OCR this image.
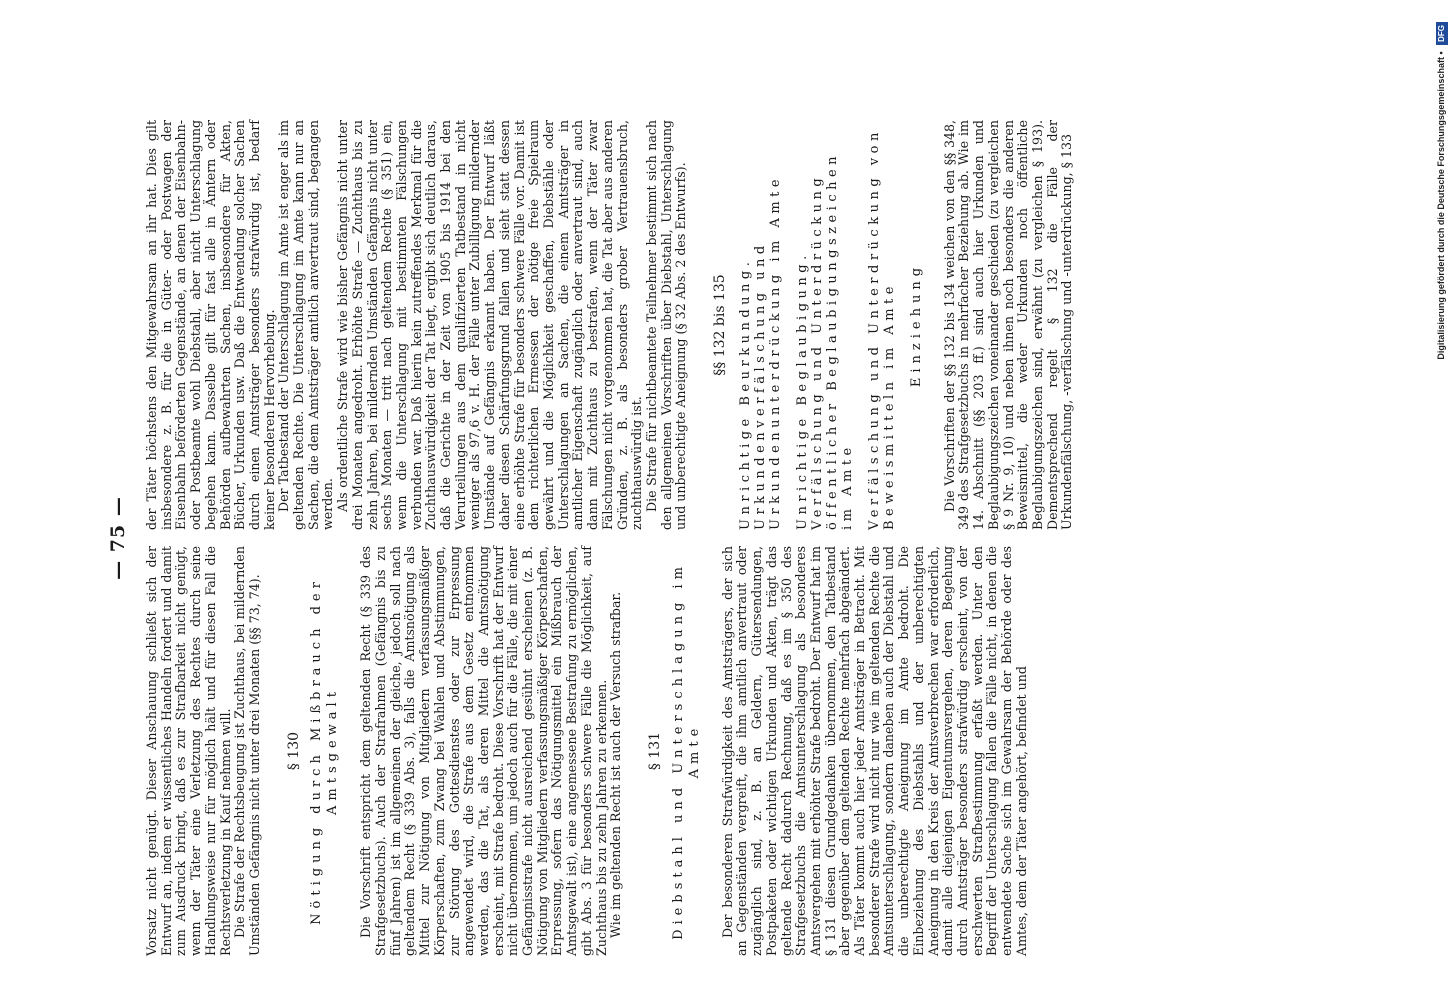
— 75 —

Vorsatz nicht genügt. Dieser Anschauung schließt sich der Entwurf an, indem er wissentliches Handeln fordert und damit zum Ausdruck bringt, daß es zur Strafbarkeit nicht genügt, wenn der Täter eine Verletzung des Rechtes durch seine Handlungsweise nur für möglich hält und für diesen Fall die Rechtsverletzung in Kauf nehmen will. Die Strafe der Rechtsbeugung ist Zuchthaus, bei mildernden Umständen Gefängnis nicht unter drei Monaten (§§ 73, 74). § 130 Nötigung durch Mißbrauch der Amtsgewalt Die Vorschrift entspricht dem geltenden Recht (§ 339 des Strafgesetzbuchs). Auch der Strafrahmen (Gefängnis bis zu fünf Jahren) ist im allgemeinen der gleiche, jedoch soll nach geltendem Recht (§ 339 Abs. 3), falls die Amtsnötigung als Mittel zur Nötigung von Mitgliedern verfassungsmäßiger Körperschaften, zum Zwang bei Wahlen und Abstimmungen, zur Störung des Gottesdienstes oder zur Erpressung angewendet wird, die Strafe aus dem Gesetz entnommen werden, das die Tat, als deren Mittel die Amtsnötigung erscheint, mit Strafe bedroht. Diese Vorschrift hat der Entwurf nicht übernommen, um jedoch auch für die Fälle, die mit einer Gefängnisstrafe nicht ausreichend gesühnt erscheinen (z. B. Nötigung von Mitgliedern verfassungsmäßiger Körperschaften, Erpressung, sofern das Nötigungsmittel ein Mißbrauch der Amtsgewalt ist), eine angemessene Bestrafung zu ermöglichen, gibt Abs. 3 für besonders schwere Fälle die Möglichkeit, auf Zuchthaus bis zu zehn Jahren zu erkennen. Wie im geltenden Recht ist auch der Versuch strafbar. § 131 Diebstahl und Unterschlagung im Amte Der besonderen Strafwürdigkeit des Amtsträgers, der sich an Gegenständen vergreift, die ihm amtlich anvertraut oder zugänglich sind, z. B. an Geldern, Gütersendungen, Postpaketen oder wichtigen Urkunden und Akten, trägt das geltende Recht dadurch Rechnung, daß es im § 350 des Strafgesetzbuchs die Amtsunterschlagung als besonderes Amtsvergehen mit erhöhter Strafe bedroht. Der Entwurf hat im § 131 diesen Grundgedanken übernommen, den Tatbestand aber gegenüber dem geltenden Rechte mehrfach abgeändert. Als Täter kommt auch hier jeder Amtsträger in Betracht. Mit besonderer Strafe wird nicht nur wie im geltenden Rechte die Amtsunterschlagung, sondern daneben auch der Diebstahl und die unberechtigte Aneignung im Amte bedroht. Die Einbeziehung des Diebstahls und der unberechtigten Aneignung in den Kreis der Amtsverbrechen war erforderlich, damit alle diejenigen Eigentumsvergehen, deren Begehung durch Amtsträger besonders strafwürdig erscheint, von der erschwerten Strafbestimmung erfaßt werden. Unter den Begriff der Unterschlagung fallen die Fälle nicht, in denen die entwendete Sache sich im Gewahrsam der Behörde oder des Amtes, dem der Täter angehört, befindet und

der Täter höchstens den Mitgewahrsam an ihr hat. Dies gilt insbesondere z. B. für die in Güter- oder Postwagen der Eisenbahn beförderten Gegenstände, an denen der Eisenbahn- oder Postbeamte wohl Diebstahl, aber nicht Unterschlagung begehen kann. Dasselbe gilt für fast alle in Ämtern oder Behörden aufbewahrten Sachen, insbesondere für Akten, Bücher, Urkunden usw. Daß die Entwendung solcher Sachen durch einen Amtsträger besonders strafwürdig ist, bedarf keiner besonderen Hervorhebung. Der Tatbestand der Unterschlagung im Amte ist enger als im geltenden Rechte. Die Unterschlagung im Amte kann nur an Sachen, die dem Amtsträger amtlich anvertraut sind, begangen werden. Als ordentliche Strafe wird wie bisher Gefängnis nicht unter drei Monaten angedroht. Erhöhte Strafe — Zuchthaus bis zu zehn Jahren, bei mildernden Umständen Gefängnis nicht unter sechs Monaten — tritt nach geltendem Rechte (§ 351) ein, wenn die Unterschlagung mit bestimmten Fälschungen verbunden war. Daß hierin kein zutreffendes Merkmal für die Zuchthauswürdigkeit der Tat liegt, ergibt sich deutlich daraus, daß die Gerichte in der Zeit von 1905 bis 1914 bei den Verurteilungen aus dem qualifizierten Tatbestand in nicht weniger als 97,6 v. H. der Fälle unter Zubilligung mildernder Umstände auf Gefängnis erkannt haben. Der Entwurf läßt daher diesen Schärfungsgrund fallen und sieht statt dessen eine erhöhte Strafe für besonders schwere Fälle vor. Damit ist dem richterlichen Ermessen der nötige freie Spielraum gewährt und die Möglichkeit geschaffen, Diebstähle oder Unterschlagungen an Sachen, die einem Amtsträger in amtlicher Eigenschaft zugänglich oder anvertraut sind, auch dann mit Zuchthaus zu bestrafen, wenn der Täter zwar Fälschungen nicht vorgenommen hat, die Tat aber aus anderen Gründen, z. B. als besonders grober Vertrauensbruch, zuchthauswürdig ist. Die Strafe für nichtbeamtete Teilnehmer bestimmt sich nach den allgemeinen Vorschriften über Diebstahl, Unterschlagung und unberechtigte Aneignung (§ 32 Abs. 2 des Entwurfs). §§ 132 bis 135 Unrichtige Beurkundung. Urkundenverfälschung und Urkundenunterdrückung im Amte Unrichtige Beglaubigung. Verfälschung und Unterdrückung öffentlicher Beglaubigungszeichen im Amte Verfälschung und Unterdrückung von Beweismitteln im Amte Einziehung Die Vorschriften der §§ 132 bis 134 weichen von den §§ 348, 349 des Strafgesetzbuchs in mehrfacher Beziehung ab. Wie im 14. Abschnitt (§§ 203 ff.) sind auch hier Urkunden und Beglaubigungszeichen voneinander geschieden (zu vergleichen § 9 Nr. 9, 10) und neben ihnen noch besonders die anderen Beweismittel, die weder Urkunden noch öffentliche Beglaubigungszeichen sind, erwähnt (zu vergleichen § 193). Dementsprechend regelt § 132 die Fälle der Urkundenfälschung, -verfälschung und -unterdrückung, § 133	Digitalisierung gefördert durch die Deutsche Forschungsgemeinschaft • DFG
